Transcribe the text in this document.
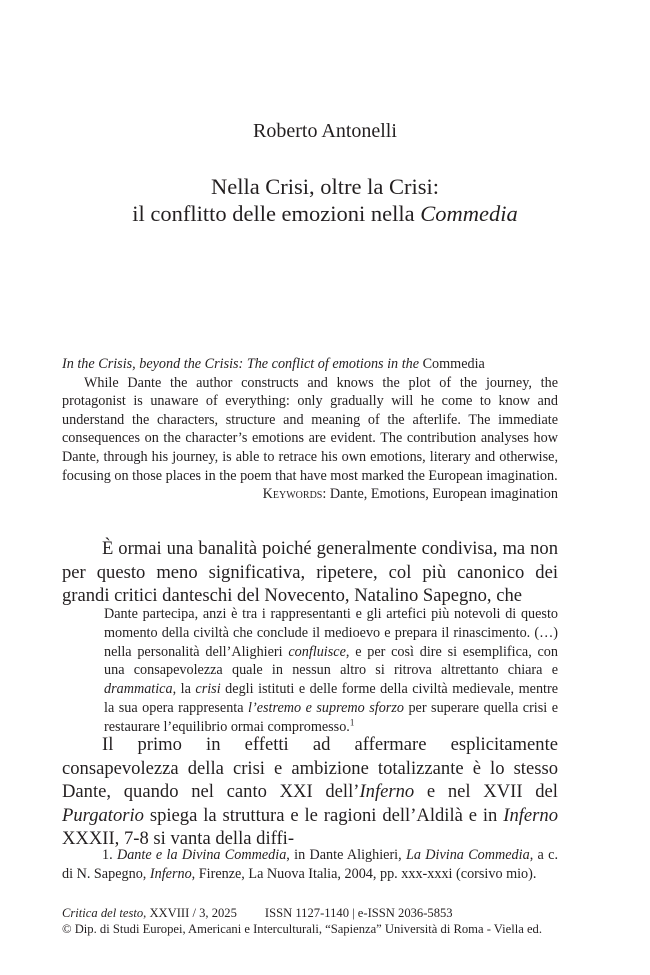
Roberto Antonelli
Nella Crisi, oltre la Crisi:
il conflitto delle emozioni nella Commedia

In the Crisis, beyond the Crisis: The conflict of emotions in the Commedia

While Dante the author constructs and knows the plot of the journey, the protagonist is unaware of everything: only gradually will he come to know and understand the characters, structure and meaning of the afterlife. The immediate consequences on the character’s emotions are evident. The contribution analyses how Dante, through his journey, is able to retrace his own emotions, literary and otherwise, focusing on those places in the poem that have most marked the European imagination.

Keywords: Dante, Emotions, European imagination

È ormai una banalità poiché generalmente condivisa, ma non per questo meno significativa, ripetere, col più canonico dei grandi critici danteschi del Novecento, Natalino Sapegno, che

Dante partecipa, anzi è tra i rappresentanti e gli artefici più notevoli di questo momento della civiltà che conclude il medioevo e prepara il rinascimento. (…) nella personalità dell’Alighieri confluisce, e per così dire si esemplifica, con una consapevolezza quale in nessun altro si ritrova altrettanto chiara e drammatica, la crisi degli istituti e delle forme della civiltà medievale, mentre la sua opera rappresenta l’estremo e supremo sforzo per superare quella crisi e restaurare l’equilibrio ormai compromesso.$^1$

Il primo in effetti ad affermare esplicitamente consapevolezza della crisi e ambizione totalizzante è lo stesso Dante, quando nel canto XXI dell’Inferno e nel XVII del Purgatorio spiega la struttura e le ragioni dell’Aldilà e in Inferno XXXII, 7-8 si vanta della diffi-

1. Dante e la Divina Commedia, in Dante Alighieri, La Divina Commedia, a c. di N. Sapegno, Inferno, Firenze, La Nuova Italia, 2004, pp. xxx-xxxi (corsivo mio).

Critica del testo, XXVIII / 3, 2025 ISSN 1127-1140 | e-ISSN 2036-5853

© Dip. di Studi Europei, Americani e Interculturali, “Sapienza” Università di Roma - Viella ed.
